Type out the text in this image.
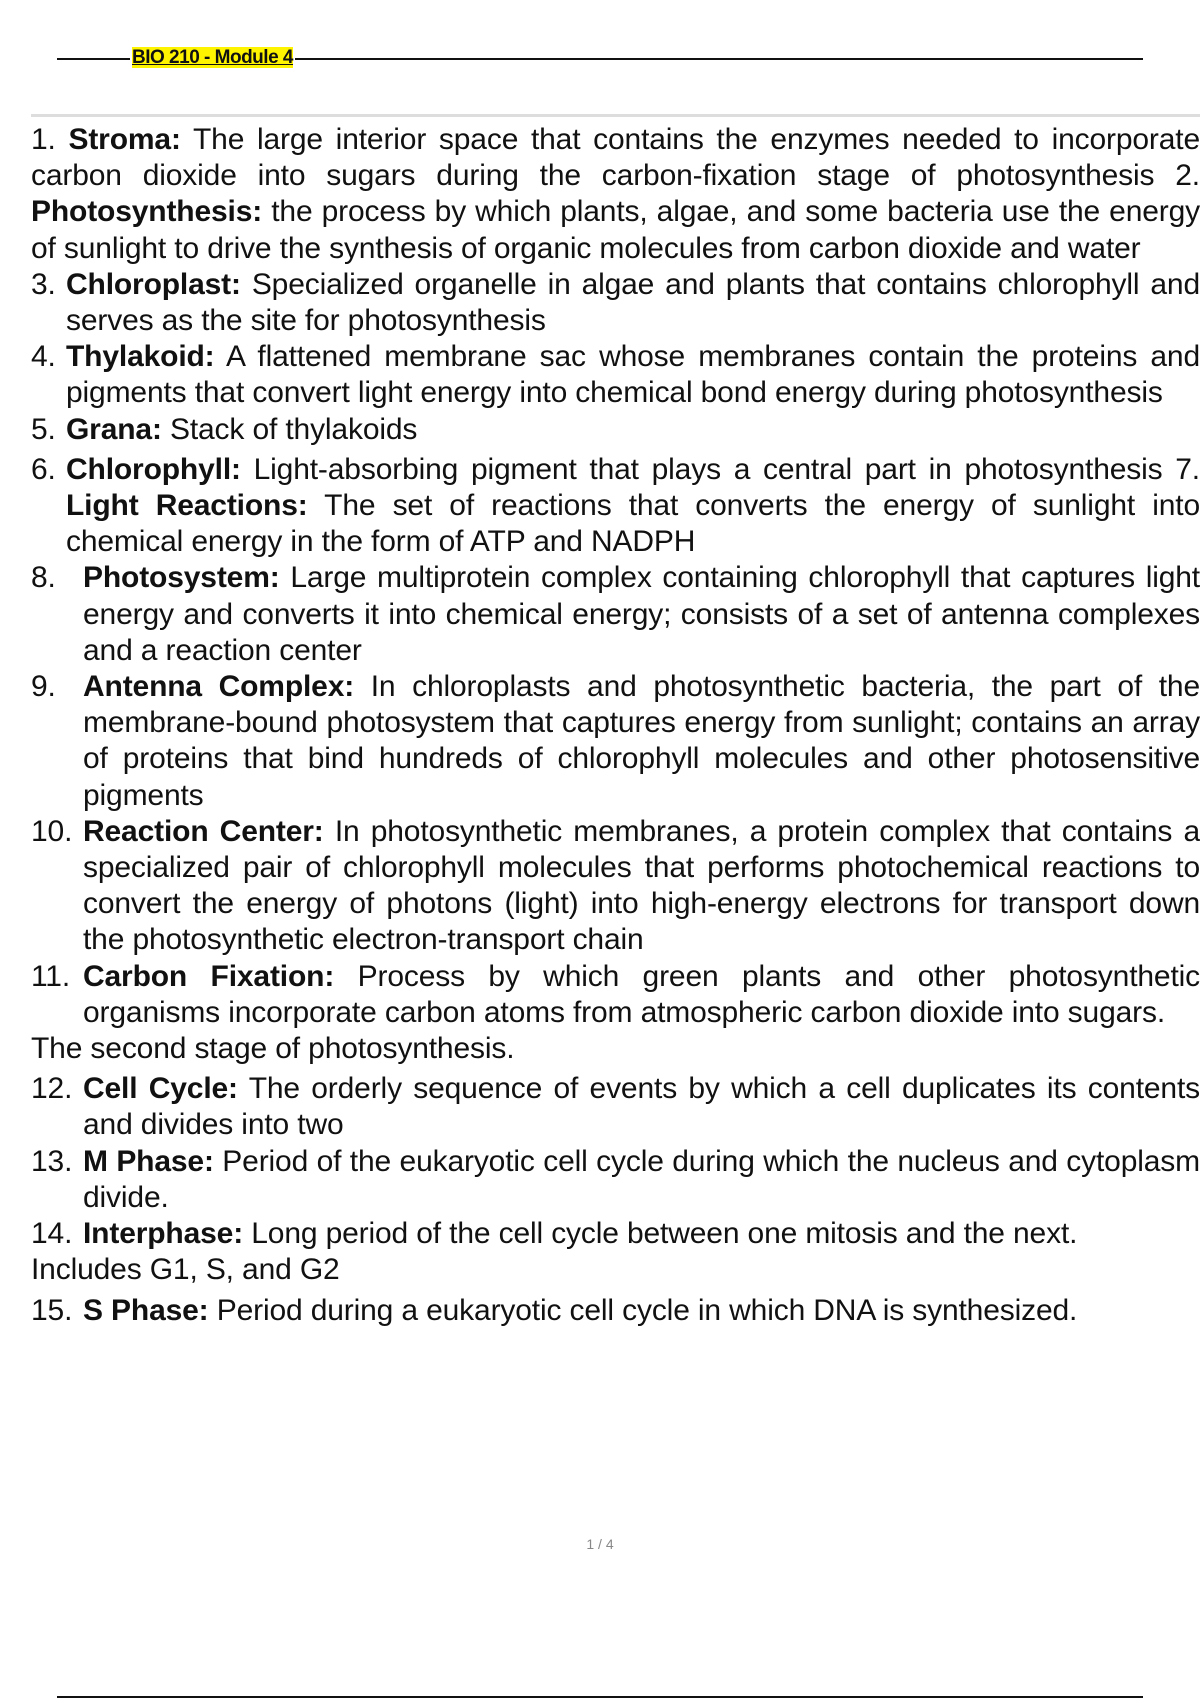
BIO 210 - Module 4

1. Stroma: The large interior space that contains the enzymes needed to incorporate carbon dioxide into sugars during the carbon-fixation stage of photosynthesis 2. Photosynthesis: the process by which plants, algae, and some bacteria use the energy of sunlight to drive the synthesis of organic molecules from carbon dioxide and water

3. Chloroplast: Specialized organelle in algae and plants that contains chlorophyll and serves as the site for photosynthesis
4. Thylakoid: A flattened membrane sac whose membranes contain the proteins and pigments that convert light energy into chemical bond energy during photosynthesis
5. Grana: Stack of thylakoids
6. Chlorophyll: Light-absorbing pigment that plays a central part in photosynthesis 7. Light Reactions: The set of reactions that converts the energy of sunlight into chemical energy in the form of ATP and NADPH
8. Photosystem: Large multiprotein complex containing chlorophyll that captures light energy and converts it into chemical energy; consists of a set of antenna complexes and a reaction center
9. Antenna Complex: In chloroplasts and photosynthetic bacteria, the part of the membrane-bound photosystem that captures energy from sunlight; contains an array of proteins that bind hundreds of chlorophyll molecules and other photosensitive pigments
10. Reaction Center: In photosynthetic membranes, a protein complex that contains a specialized pair of chlorophyll molecules that performs photochemical reactions to convert the energy of photons (light) into high-energy electrons for transport down the photosynthetic electron-transport chain
11. Carbon Fixation: Process by which green plants and other photosynthetic organisms incorporate carbon atoms from atmospheric carbon dioxide into sugars.

The second stage of photosynthesis.

12. Cell Cycle: The orderly sequence of events by which a cell duplicates its contents and divides into two
13. M Phase: Period of the eukaryotic cell cycle during which the nucleus and cytoplasm divide.
14. Interphase: Long period of the cell cycle between one mitosis and the next.

Includes G1, S, and G2

15. S Phase: Period during a eukaryotic cell cycle in which DNA is synthesized.
1 / 4
